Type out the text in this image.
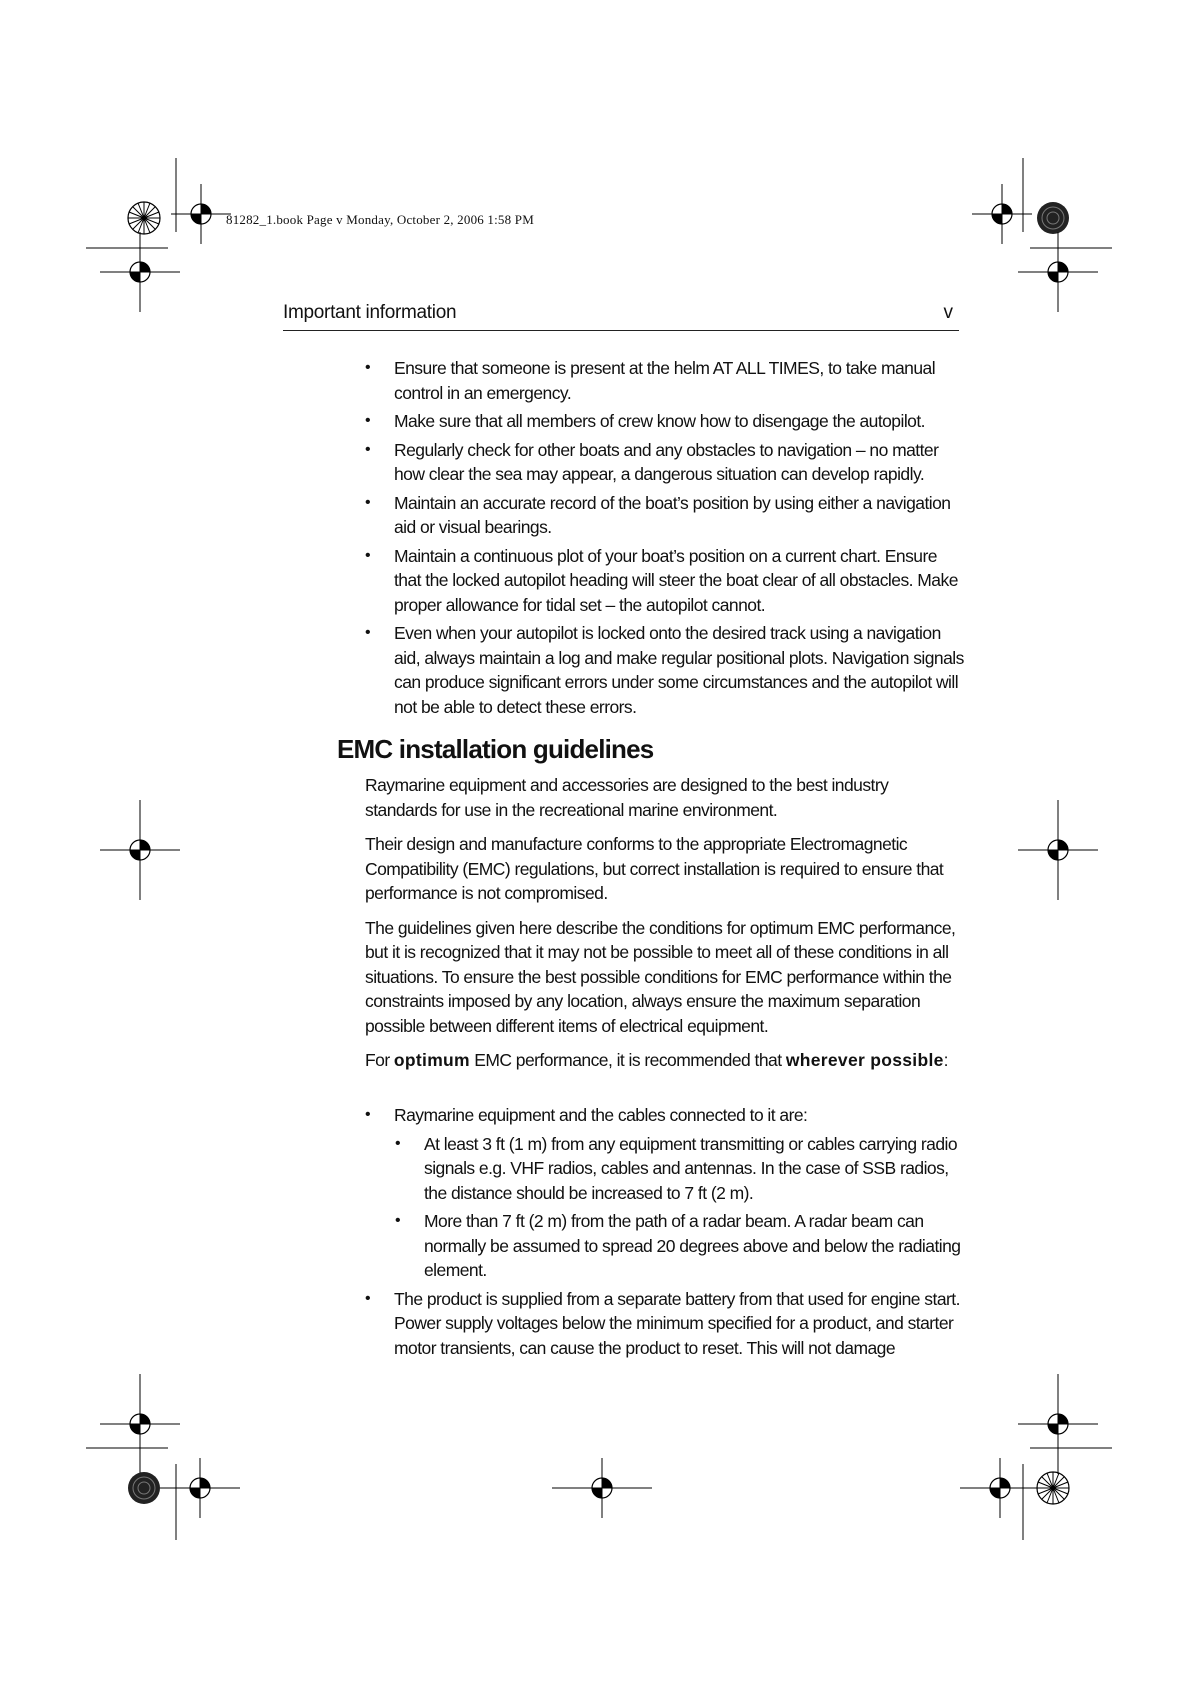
81282_1.book Page v Monday, October 2, 2006 1:58 PM
Important information	v
• Ensure that someone is present at the helm AT ALL TIMES, to take manual control in an emergency.
• Make sure that all members of crew know how to disengage the autopilot.
• Regularly check for other boats and any obstacles to navigation – no matter how clear the sea may appear, a dangerous situation can develop rapidly.
• Maintain an accurate record of the boat’s position by using either a navigation aid or visual bearings.
• Maintain a continuous plot of your boat’s position on a current chart. Ensure that the locked autopilot heading will steer the boat clear of all obstacles. Make proper allowance for tidal set – the autopilot cannot.
• Even when your autopilot is locked onto the desired track using a navigation aid, always maintain a log and make regular positional plots. Navigation signals can produce significant errors under some circumstances and the autopilot will not be able to detect these errors.
EMC installation guidelines

Raymarine equipment and accessories are designed to the best industry standards for use in the recreational marine environment.

Their design and manufacture conforms to the appropriate Electromagnetic Compatibility (EMC) regulations, but correct installation is required to ensure that performance is not compromised.

The guidelines given here describe the conditions for optimum EMC performance, but it is recognized that it may not be possible to meet all of these conditions in all situations. To ensure the best possible conditions for EMC performance within the constraints imposed by any location, always ensure the maximum separation possible between different items of electrical equipment.

For optimum EMC performance, it is recommended that wherever possible:

• Raymarine equipment and the cables connected to it are:
• At least 3 ft (1 m) from any equipment transmitting or cables carrying radio signals e.g. VHF radios, cables and antennas. In the case of SSB radios, the distance should be increased to 7 ft (2 m).
• More than 7 ft (2 m) from the path of a radar beam. A radar beam can normally be assumed to spread 20 degrees above and below the radiating element.
• The product is supplied from a separate battery from that used for engine start. Power supply voltages below the minimum specified for a product, and starter motor transients, can cause the product to reset. This will not damage
